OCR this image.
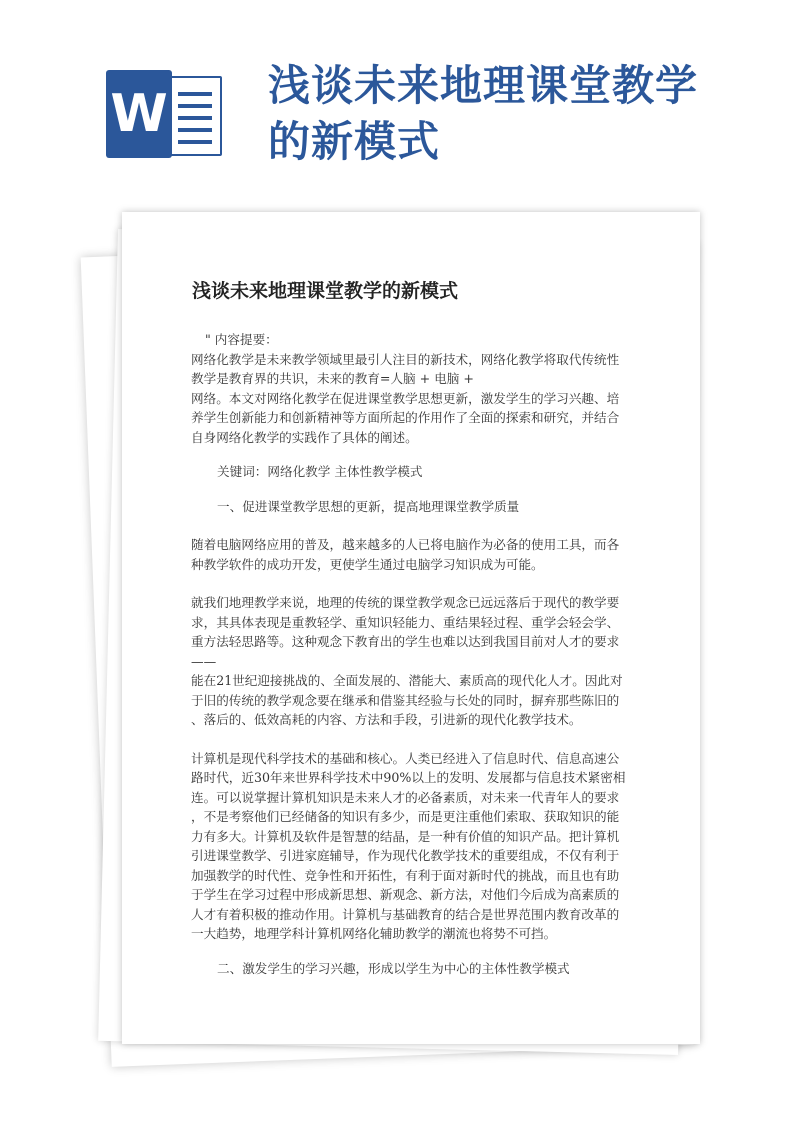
W 浅谈未来地理课堂教学的新模式
浅谈未来地理课堂教学的新模式

" 内容提要：

网络化教学是未来教学领域里最引人注目的新技术，网络化教学将取代传统性

教学是教育界的共识，未来的教育=人脑 + 电脑 +

网络。本文对网络化教学在促进课堂教学思想更新，激发学生的学习兴趣、培

养学生创新能力和创新精神等方面所起的作用作了全面的探索和研究，并结合

自身网络化教学的实践作了具体的阐述。

关键词：网络化教学 主体性教学模式

一、促进课堂教学思想的更新，提高地理课堂教学质量

随着电脑网络应用的普及，越来越多的人已将电脑作为必备的使用工具，而各

种教学软件的成功开发，更使学生通过电脑学习知识成为可能。

就我们地理教学来说，地理的传统的课堂教学观念已远远落后于现代的教学要

求，其具体表现是重教轻学、重知识轻能力、重结果轻过程、重学会轻会学、

重方法轻思路等。这种观念下教育出的学生也难以达到我国目前对人才的要求

——

能在21世纪迎接挑战的、全面发展的、潜能大、素质高的现代化人才。因此对

于旧的传统的教学观念要在继承和借鉴其经验与长处的同时，摒弃那些陈旧的

、落后的、低效高耗的内容、方法和手段，引进新的现代化教学技术。

计算机是现代科学技术的基础和核心。人类已经进入了信息时代、信息高速公

路时代，近30年来世界科学技术中90%以上的发明、发展都与信息技术紧密相

连。可以说掌握计算机知识是未来人才的必备素质，对未来一代青年人的要求

，不是考察他们已经储备的知识有多少，而是更注重他们索取、获取知识的能

力有多大。计算机及软件是智慧的结晶，是一种有价值的知识产品。把计算机

引进课堂教学、引进家庭辅导，作为现代化教学技术的重要组成，不仅有利于

加强教学的时代性、竞争性和开拓性，有利于面对新时代的挑战，而且也有助

于学生在学习过程中形成新思想、新观念、新方法，对他们今后成为高素质的

人才有着积极的推动作用。计算机与基础教育的结合是世界范围内教育改革的

一大趋势，地理学科计算机网络化辅助教学的潮流也将势不可挡。

二、激发学生的学习兴趣，形成以学生为中心的主体性教学模式
